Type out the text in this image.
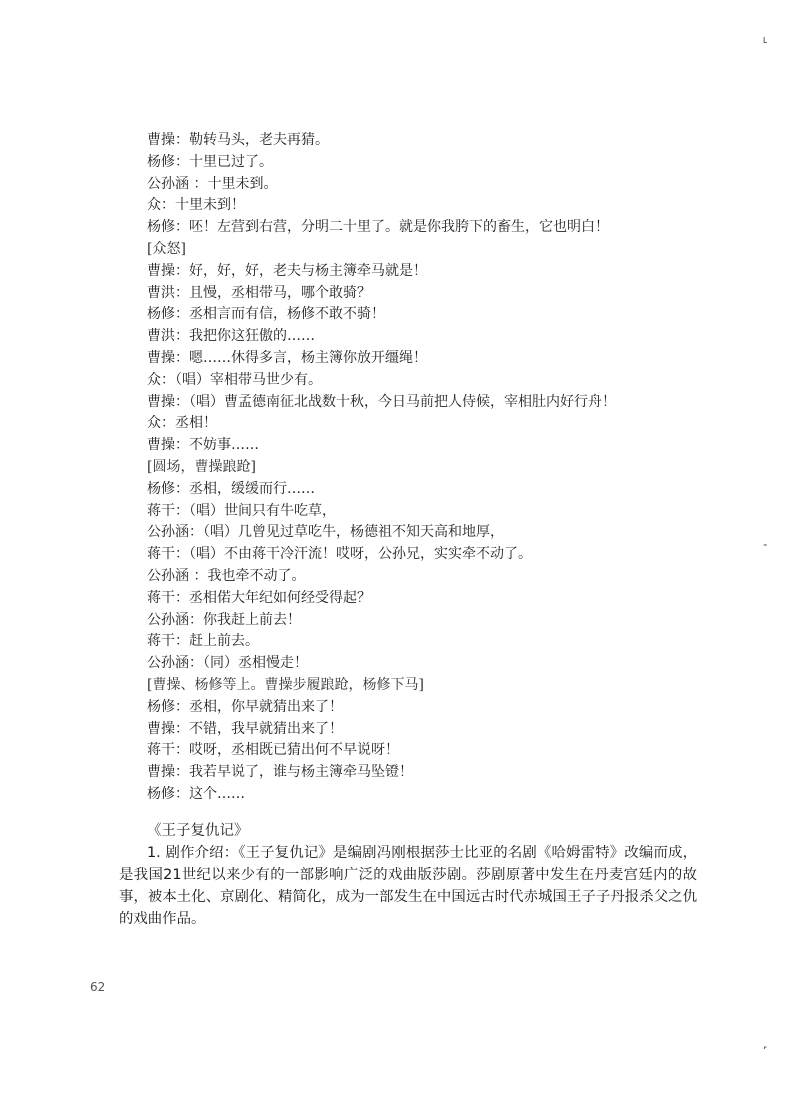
˪
˗
˹
曹操：勒转马头，老夫再猜。
杨修：十里已过了。
公孙涵 ：十里未到。
众：十里未到！
杨修：呸！左营到右营，分明二十里了。就是你我胯下的畜生，它也明白！
[众怒]
曹操：好，好，好，老夫与杨主簿牵马就是！
曹洪：且慢，丞相带马，哪个敢骑？
杨修：丞相言而有信，杨修不敢不骑！
曹洪：我把你这狂傲的……
曹操：嗯……休得多言，杨主簿你放开缰绳！
众：（唱）宰相带马世少有。
曹操：（唱）曹孟德南征北战数十秋，今日马前把人侍候，宰相肚内好行舟！
众：丞相！
曹操：不妨事……
[圆场，曹操踉跄]
杨修：丞相，缓缓而行……
蒋干：（唱）世间只有牛吃草，
公孙涵：（唱）几曾见过草吃牛，杨德祖不知天高和地厚，
蒋干：（唱）不由蒋干冷汗流！哎呀，公孙兄，实实牵不动了。
公孙涵 ：我也牵不动了。
蒋干：丞相偌大年纪如何经受得起？
公孙涵：你我赶上前去！
蒋干：赶上前去。
公孙涵：（同）丞相慢走！
[曹操、杨修等上。曹操步履踉跄，杨修下马]
杨修：丞相，你早就猜出来了！
曹操：不错，我早就猜出来了！
蒋干：哎呀，丞相既已猜出何不早说呀！
曹操：我若早说了，谁与杨主簿牵马坠镫！
杨修：这个……
《王子复仇记》

1. 剧作介绍：《王子复仇记》是编剧冯刚根据莎士比亚的名剧《哈姆雷特》改编而成，是我国21世纪以来少有的一部影响广泛的戏曲版莎剧。莎剧原著中发生在丹麦宫廷内的故事，被本土化、京剧化、精简化，成为一部发生在中国远古时代赤城国王子子丹报杀父之仇的戏曲作品。

62
